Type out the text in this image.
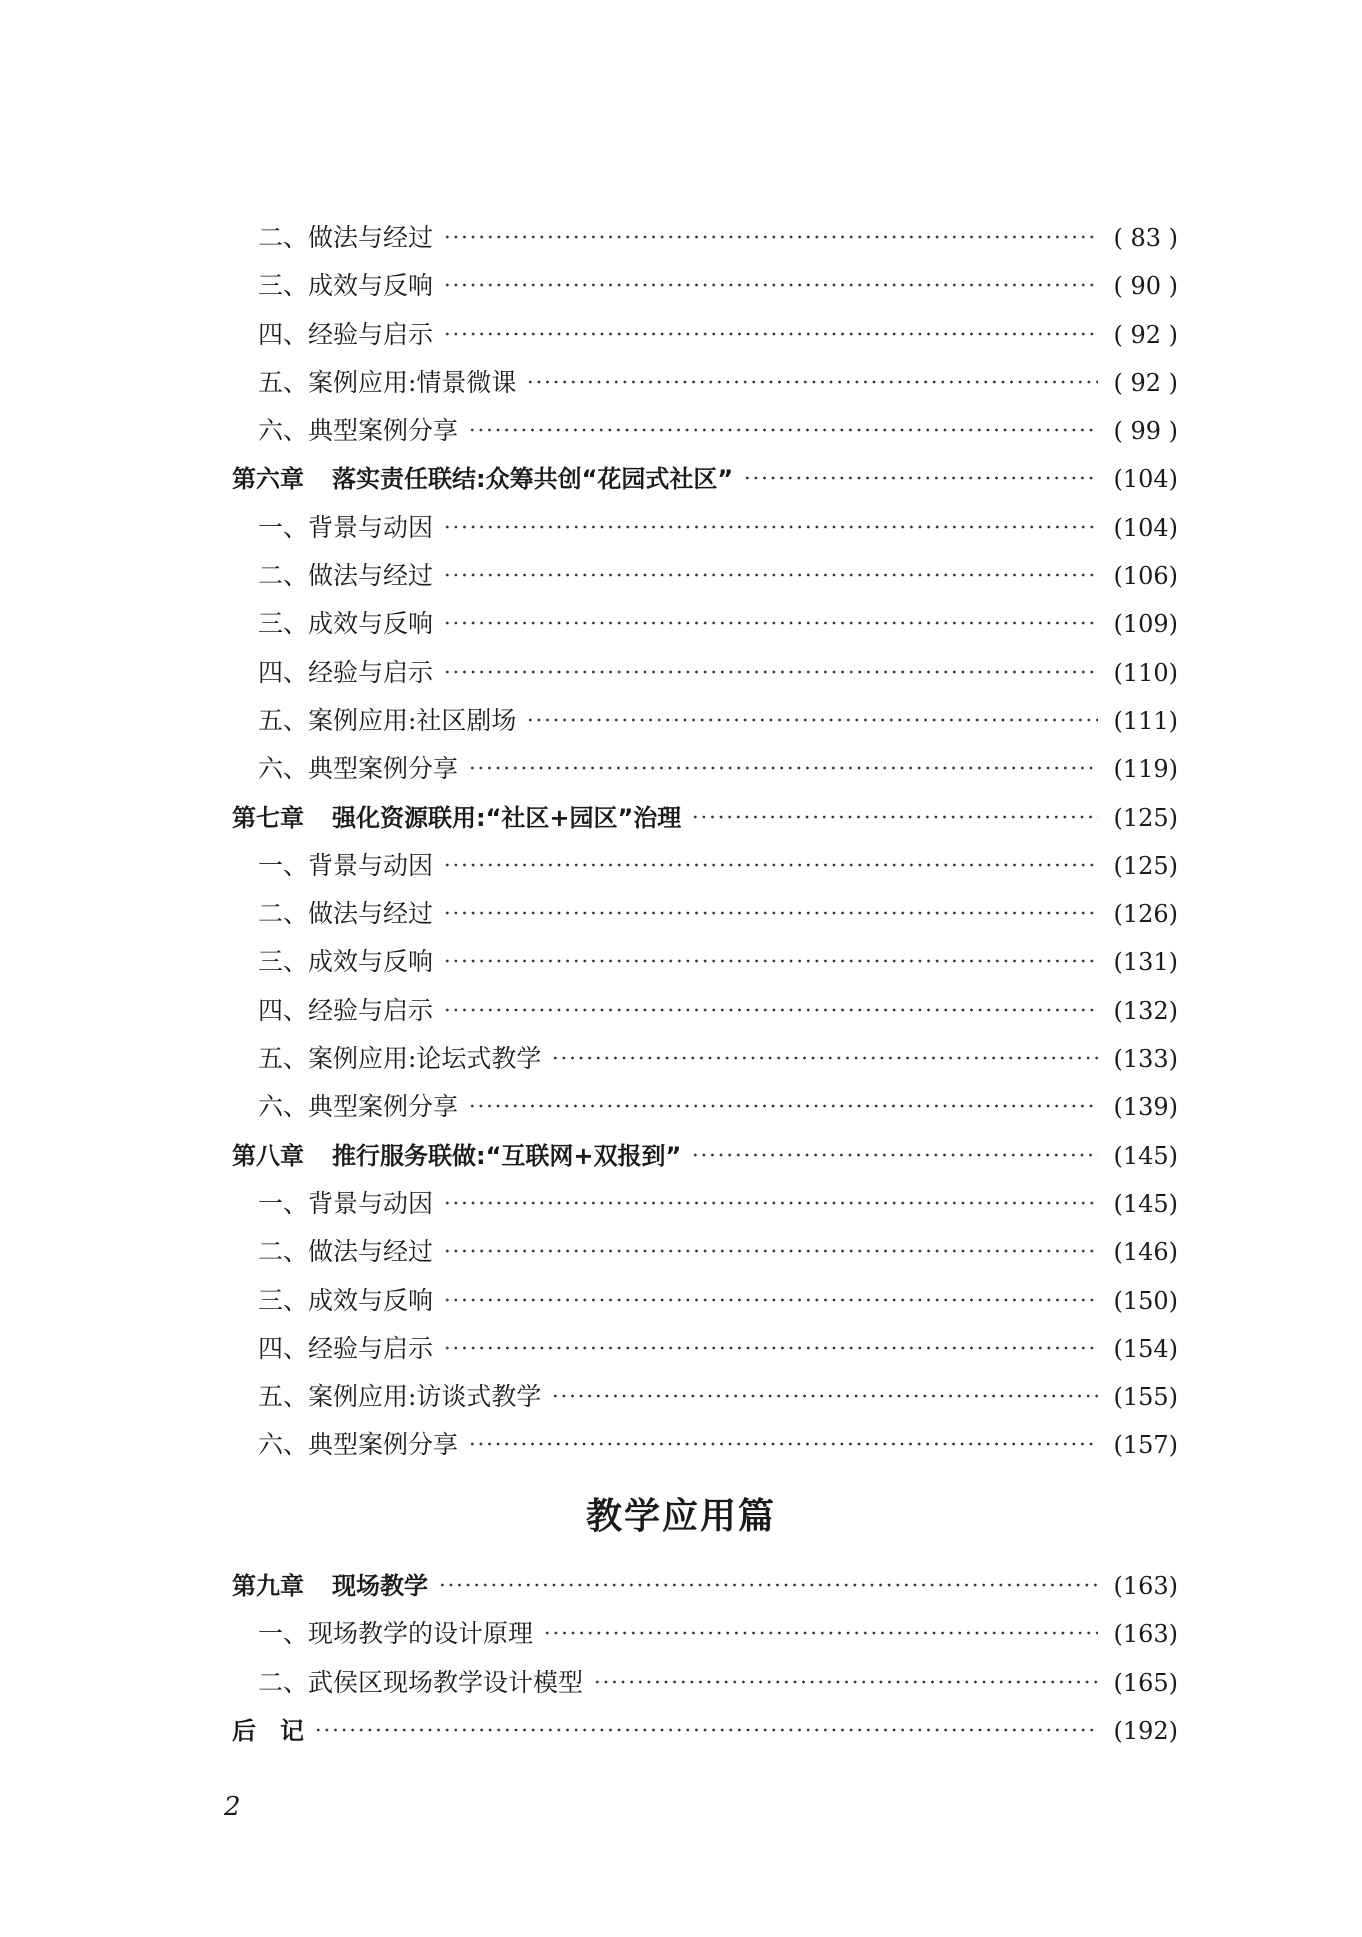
二、做法与经过	( 83 )
三、成效与反响	( 90 )
四、经验与启示	( 92 )
五、案例应用:情景微课	( 92 )
六、典型案例分享	( 99 )
第六章 落实责任联结:众筹共创“花园式社区”	(104)
一、背景与动因	(104)
二、做法与经过	(106)
三、成效与反响	(109)
四、经验与启示	(110)
五、案例应用:社区剧场	(111)
六、典型案例分享	(119)
第七章 强化资源联用:“社区+园区”治理	(125)
一、背景与动因	(125)
二、做法与经过	(126)
三、成效与反响	(131)
四、经验与启示	(132)
五、案例应用:论坛式教学	(133)
六、典型案例分享	(139)
第八章 推行服务联做:“互联网+双报到”	(145)
一、背景与动因	(145)
二、做法与经过	(146)
三、成效与反响	(150)
四、经验与启示	(154)
五、案例应用:访谈式教学	(155)
六、典型案例分享	(157)
教学应用篇
第九章 现场教学	(163)
一、现场教学的设计原理	(163)
二、武侯区现场教学设计模型	(165)
后　记	(192)
2
